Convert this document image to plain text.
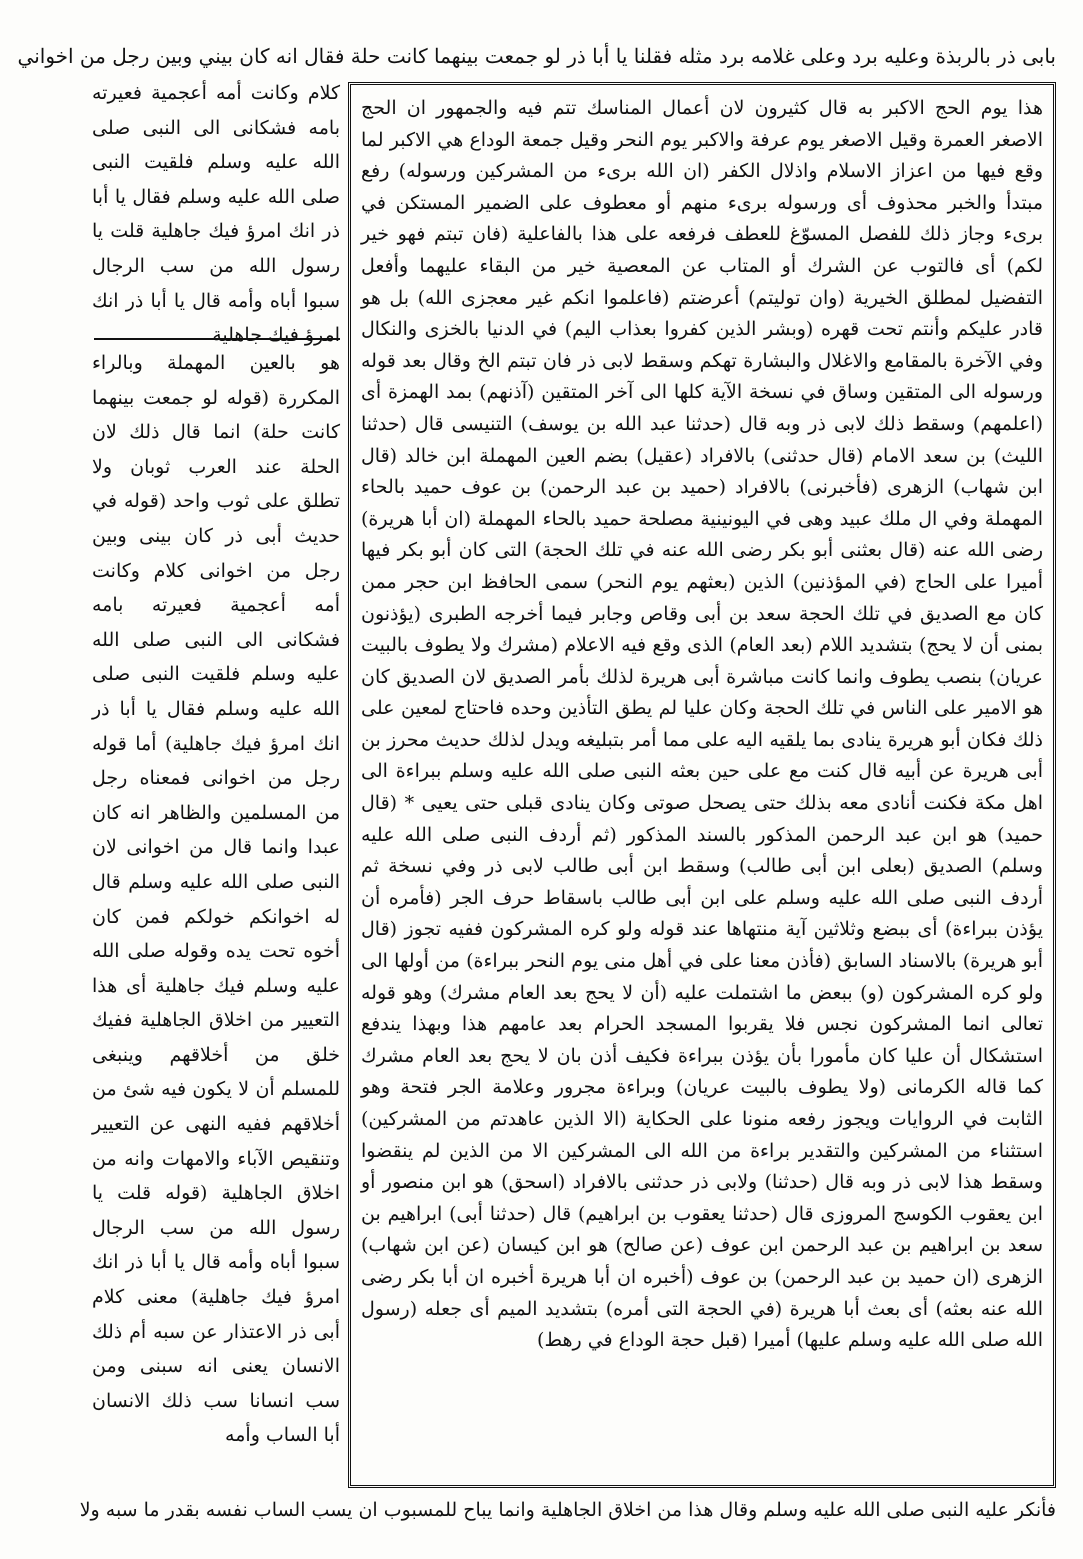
بابى ذر بالربذة وعليه برد وعلى غلامه برد مثله فقلنا يا أبا ذر لو جمعت بينهما كانت حلة فقال انه كان بيني وبين رجل من اخواني
كلام وكانت أمه أعجمية فعيرته بامه فشكانى الى النبى صلى الله عليه وسلم فلقيت النبى صلى الله عليه وسلم فقال يا أبا ذر انك امرؤ فيك جاهلية قلت يا رسول الله من سب الرجال سبوا أباه وأمه قال يا أبا ذر انك امرؤ فيك جاهلية
هو بالعين المهملة وبالراء المكررة (قوله لو جمعت بينهما كانت حلة) انما قال ذلك لان الحلة عند العرب ثوبان ولا تطلق على ثوب واحد (قوله في حديث أبى ذر كان بينى وبين رجل من اخوانى كلام وكانت أمه أعجمية فعيرته بامه فشكانى الى النبى صلى الله عليه وسلم فلقيت النبى صلى الله عليه وسلم فقال يا أبا ذر انك امرؤ فيك جاهلية) أما قوله رجل من اخوانى فمعناه رجل من المسلمين والظاهر انه كان عبدا وانما قال من اخوانى لان النبى صلى الله عليه وسلم قال له اخوانكم خولكم فمن كان أخوه تحت يده وقوله صلى الله عليه وسلم فيك جاهلية أى هذا التعيير من اخلاق الجاهلية ففيك خلق من أخلاقهم وينبغى للمسلم أن لا يكون فيه شئ من أخلاقهم ففيه النهى عن التعيير وتنقيص الآباء والامهات وانه من اخلاق الجاهلية (قوله قلت يا رسول الله من سب الرجال سبوا أباه وأمه قال يا أبا ذر انك امرؤ فيك جاهلية) معنى كلام أبى ذر الاعتذار عن سبه أم ذلك الانسان يعنى انه سبنى ومن سب انسانا سب ذلك الانسان أبا الساب وأمه

هذا يوم الحج الاكبر به قال كثيرون لان أعمال المناسك تتم فيه والجمهور ان الحج الاصغر العمرة وقيل الاصغر يوم عرفة والاكبر يوم النحر وقيل جمعة الوداع هي الاكبر لما وقع فيها من اعزاز الاسلام واذلال الكفر (ان الله برىء من المشركين ورسوله) رفع مبتدأ والخبر محذوف أى ورسوله برىء منهم أو معطوف على الضمير المستكن في برىء وجاز ذلك للفصل المسوّغ للعطف فرفعه على هذا بالفاعلية (فان تبتم فهو خير لكم) أى فالتوب عن الشرك أو المتاب عن المعصية خير من البقاء عليهما وأفعل التفضيل لمطلق الخيرية (وان توليتم) أعرضتم (فاعلموا انكم غير معجزى الله) بل هو قادر عليكم وأنتم تحت قهره (وبشر الذين كفروا بعذاب اليم) في الدنيا بالخزى والنكال وفي الآخرة بالمقامع والاغلال والبشارة تهكم وسقط لابى ذر فان تبتم الخ وقال بعد قوله ورسوله الى المتقين وساق في نسخة الآية كلها الى آخر المتقين (آذنهم) بمد الهمزة أى (اعلمهم) وسقط ذلك لابى ذر وبه قال (حدثنا عبد الله بن يوسف) التنيسى قال (حدثنا الليث) بن سعد الامام (قال حدثنى) بالافراد (عقيل) بضم العين المهملة ابن خالد (قال ابن شهاب) الزهرى (فأخبرنى) بالافراد (حميد بن عبد الرحمن) بن عوف حميد بالحاء المهملة وفي ال ملك عبيد وهى في اليونينية مصلحة حميد بالحاء المهملة (ان أبا هريرة) رضى الله عنه (قال بعثنى أبو بكر رضى الله عنه في تلك الحجة) التى كان أبو بكر فيها أميرا على الحاج (في المؤذنين) الذين (بعثهم يوم النحر) سمى الحافظ ابن حجر ممن كان مع الصديق في تلك الحجة سعد بن أبى وقاص وجابر فيما أخرجه الطبرى (يؤذنون بمنى أن لا يحج) بتشديد اللام (بعد العام) الذى وقع فيه الاعلام (مشرك ولا يطوف بالبيت عريان) بنصب يطوف وانما كانت مباشرة أبى هريرة لذلك بأمر الصديق لان الصديق كان هو الامير على الناس في تلك الحجة وكان عليا لم يطق التأذين وحده فاحتاج لمعين على ذلك فكان أبو هريرة ينادى بما يلقيه اليه على مما أمر بتبليغه ويدل لذلك حديث محرز بن أبى هريرة عن أبيه قال كنت مع على حين بعثه النبى صلى الله عليه وسلم ببراءة الى اهل مكة فكنت أنادى معه بذلك حتى يصحل صوتى وكان ينادى قبلى حتى يعيى * (قال حميد) هو ابن عبد الرحمن المذكور بالسند المذكور (ثم أردف النبى صلى الله عليه وسلم) الصديق (بعلى ابن أبى طالب) وسقط ابن أبى طالب لابى ذر وفي نسخة ثم أردف النبى صلى الله عليه وسلم على ابن أبى طالب باسقاط حرف الجر (فأمره أن يؤذن ببراءة) أى ببضع وثلاثين آية منتهاها عند قوله ولو كره المشركون ففيه تجوز (قال أبو هريرة) بالاسناد السابق (فأذن معنا على في أهل منى يوم النحر ببراءة) من أولها الى ولو كره المشركون (و) ببعض ما اشتملت عليه (أن لا يحج بعد العام مشرك) وهو قوله تعالى انما المشركون نجس فلا يقربوا المسجد الحرام بعد عامهم هذا وبهذا يندفع استشكال أن عليا كان مأمورا بأن يؤذن ببراءة فكيف أذن بان لا يحج بعد العام مشرك كما قاله الكرمانى (ولا يطوف بالبيت عريان) وبراءة مجرور وعلامة الجر فتحة وهو الثابت في الروايات ويجوز رفعه منونا على الحكاية (الا الذين عاهدتم من المشركين) استثناء من المشركين والتقدير براءة من الله الى المشركين الا من الذين لم ينقضوا وسقط هذا لابى ذر وبه قال (حدثنا) ولابى ذر حدثنى بالافراد (اسحق) هو ابن منصور أو ابن يعقوب الكوسج المروزى قال (حدثنا يعقوب بن ابراهيم) قال (حدثنا أبى) ابراهيم بن سعد بن ابراهيم بن عبد الرحمن ابن عوف (عن صالح) هو ابن كيسان (عن ابن شهاب) الزهرى (ان حميد بن عبد الرحمن) بن عوف (أخبره ان أبا هريرة أخبره ان أبا بكر رضى الله عنه بعثه) أى بعث أبا هريرة (في الحجة التى أمره) بتشديد الميم أى جعله (رسول الله صلى الله عليه وسلم عليها) أميرا (قبل حجة الوداع في رهط)

فأنكر عليه النبى صلى الله عليه وسلم وقال هذا من اخلاق الجاهلية وانما يباح للمسبوب ان يسب الساب نفسه بقدر ما سبه ولا
